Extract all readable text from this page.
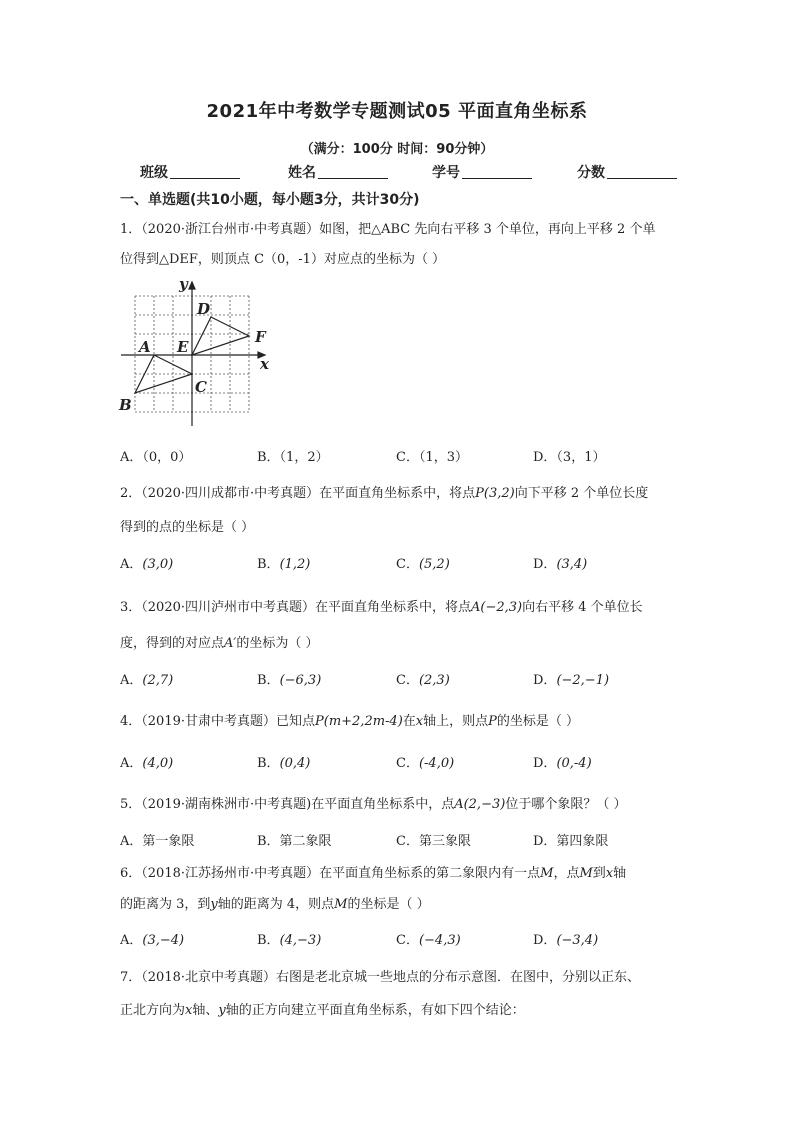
2021年中考数学专题测试05 平面直角坐标系
（满分：100分 时间：90分钟）
班级	姓名	学号	分数
一、单选题(共10小题，每小题3分，共计30分)
1．（2020·浙江台州市·中考真题）如图，把△ABC 先向右平移 3 个单位，再向上平移 2 个单
位得到△DEF，则顶点 C（0，-1）对应点的坐标为（ ）
y
x
A
B
C
D
E
F
A．（0，0）	B．（1，2）	C．（1，3）	D．（3，1）
2．（2020·四川成都市·中考真题）在平面直角坐标系中，将点P(3,2)向下平移 2 个单位长度
得到的点的坐标是（ ）
A．(3,0)	B．(1,2)	C．(5,2)	D．(3,4)
3．（2020·四川泸州市中考真题）在平面直角坐标系中，将点A(−2,3)向右平移 4 个单位长
度，得到的对应点A′的坐标为（ ）
A．(2,7)	B．(−6,3)	C．(2,3)	D．(−2,−1)
4．（2019·甘肃中考真题）已知点P(m+2,2m-4)在x轴上，则点P的坐标是（ ）
A．(4,0)	B．(0,4)	C．(-4,0)	D．(0,-4)
5．（2019·湖南株洲市·中考真题)在平面直角坐标系中，点A(2,−3)位于哪个象限？（ ）
A．第一象限	B．第二象限	C．第三象限	D．第四象限
6．（2018·江苏扬州市·中考真题）在平面直角坐标系的第二象限内有一点M，点M到x轴
的距离为 3，到y轴的距离为 4，则点M的坐标是（ ）
A．(3,−4)	B．(4,−3)	C．(−4,3)	D．(−3,4)
7．（2018·北京中考真题）右图是老北京城一些地点的分布示意图．在图中，分别以正东、
正北方向为x轴、y轴的正方向建立平面直角坐标系，有如下四个结论：
